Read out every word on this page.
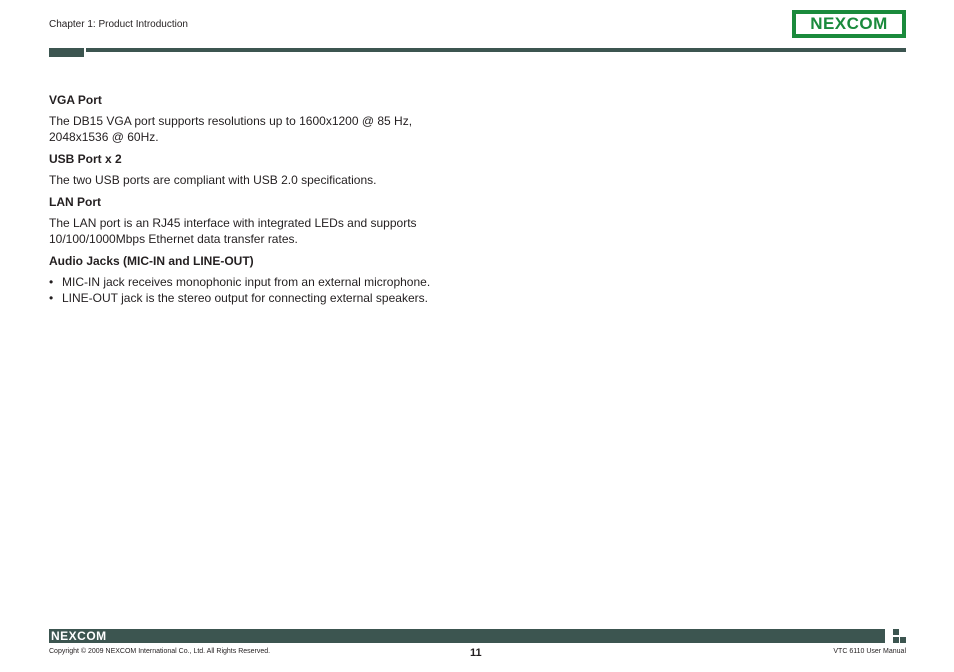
Chapter 1: Product Introduction	NEXCOM
VGA Port

The DB15 VGA port supports resolutions up to 1600x1200 @ 85 Hz, 2048x1536 @ 60Hz.

USB Port x 2

The two USB ports are compliant with USB 2.0 specifications.

LAN Port

The LAN port is an RJ45 interface with integrated LEDs and supports 10/100/1000Mbps Ethernet data transfer rates.

Audio Jacks (MIC-IN and LINE-OUT)
• MIC-IN jack receives monophonic input from an external microphone.
• LINE-OUT jack is the stereo output for connecting external speakers.
NEXCOM
Copyright © 2009 NEXCOM International Co., Ltd. All Rights Reserved.	11	VTC 6110 User Manual
